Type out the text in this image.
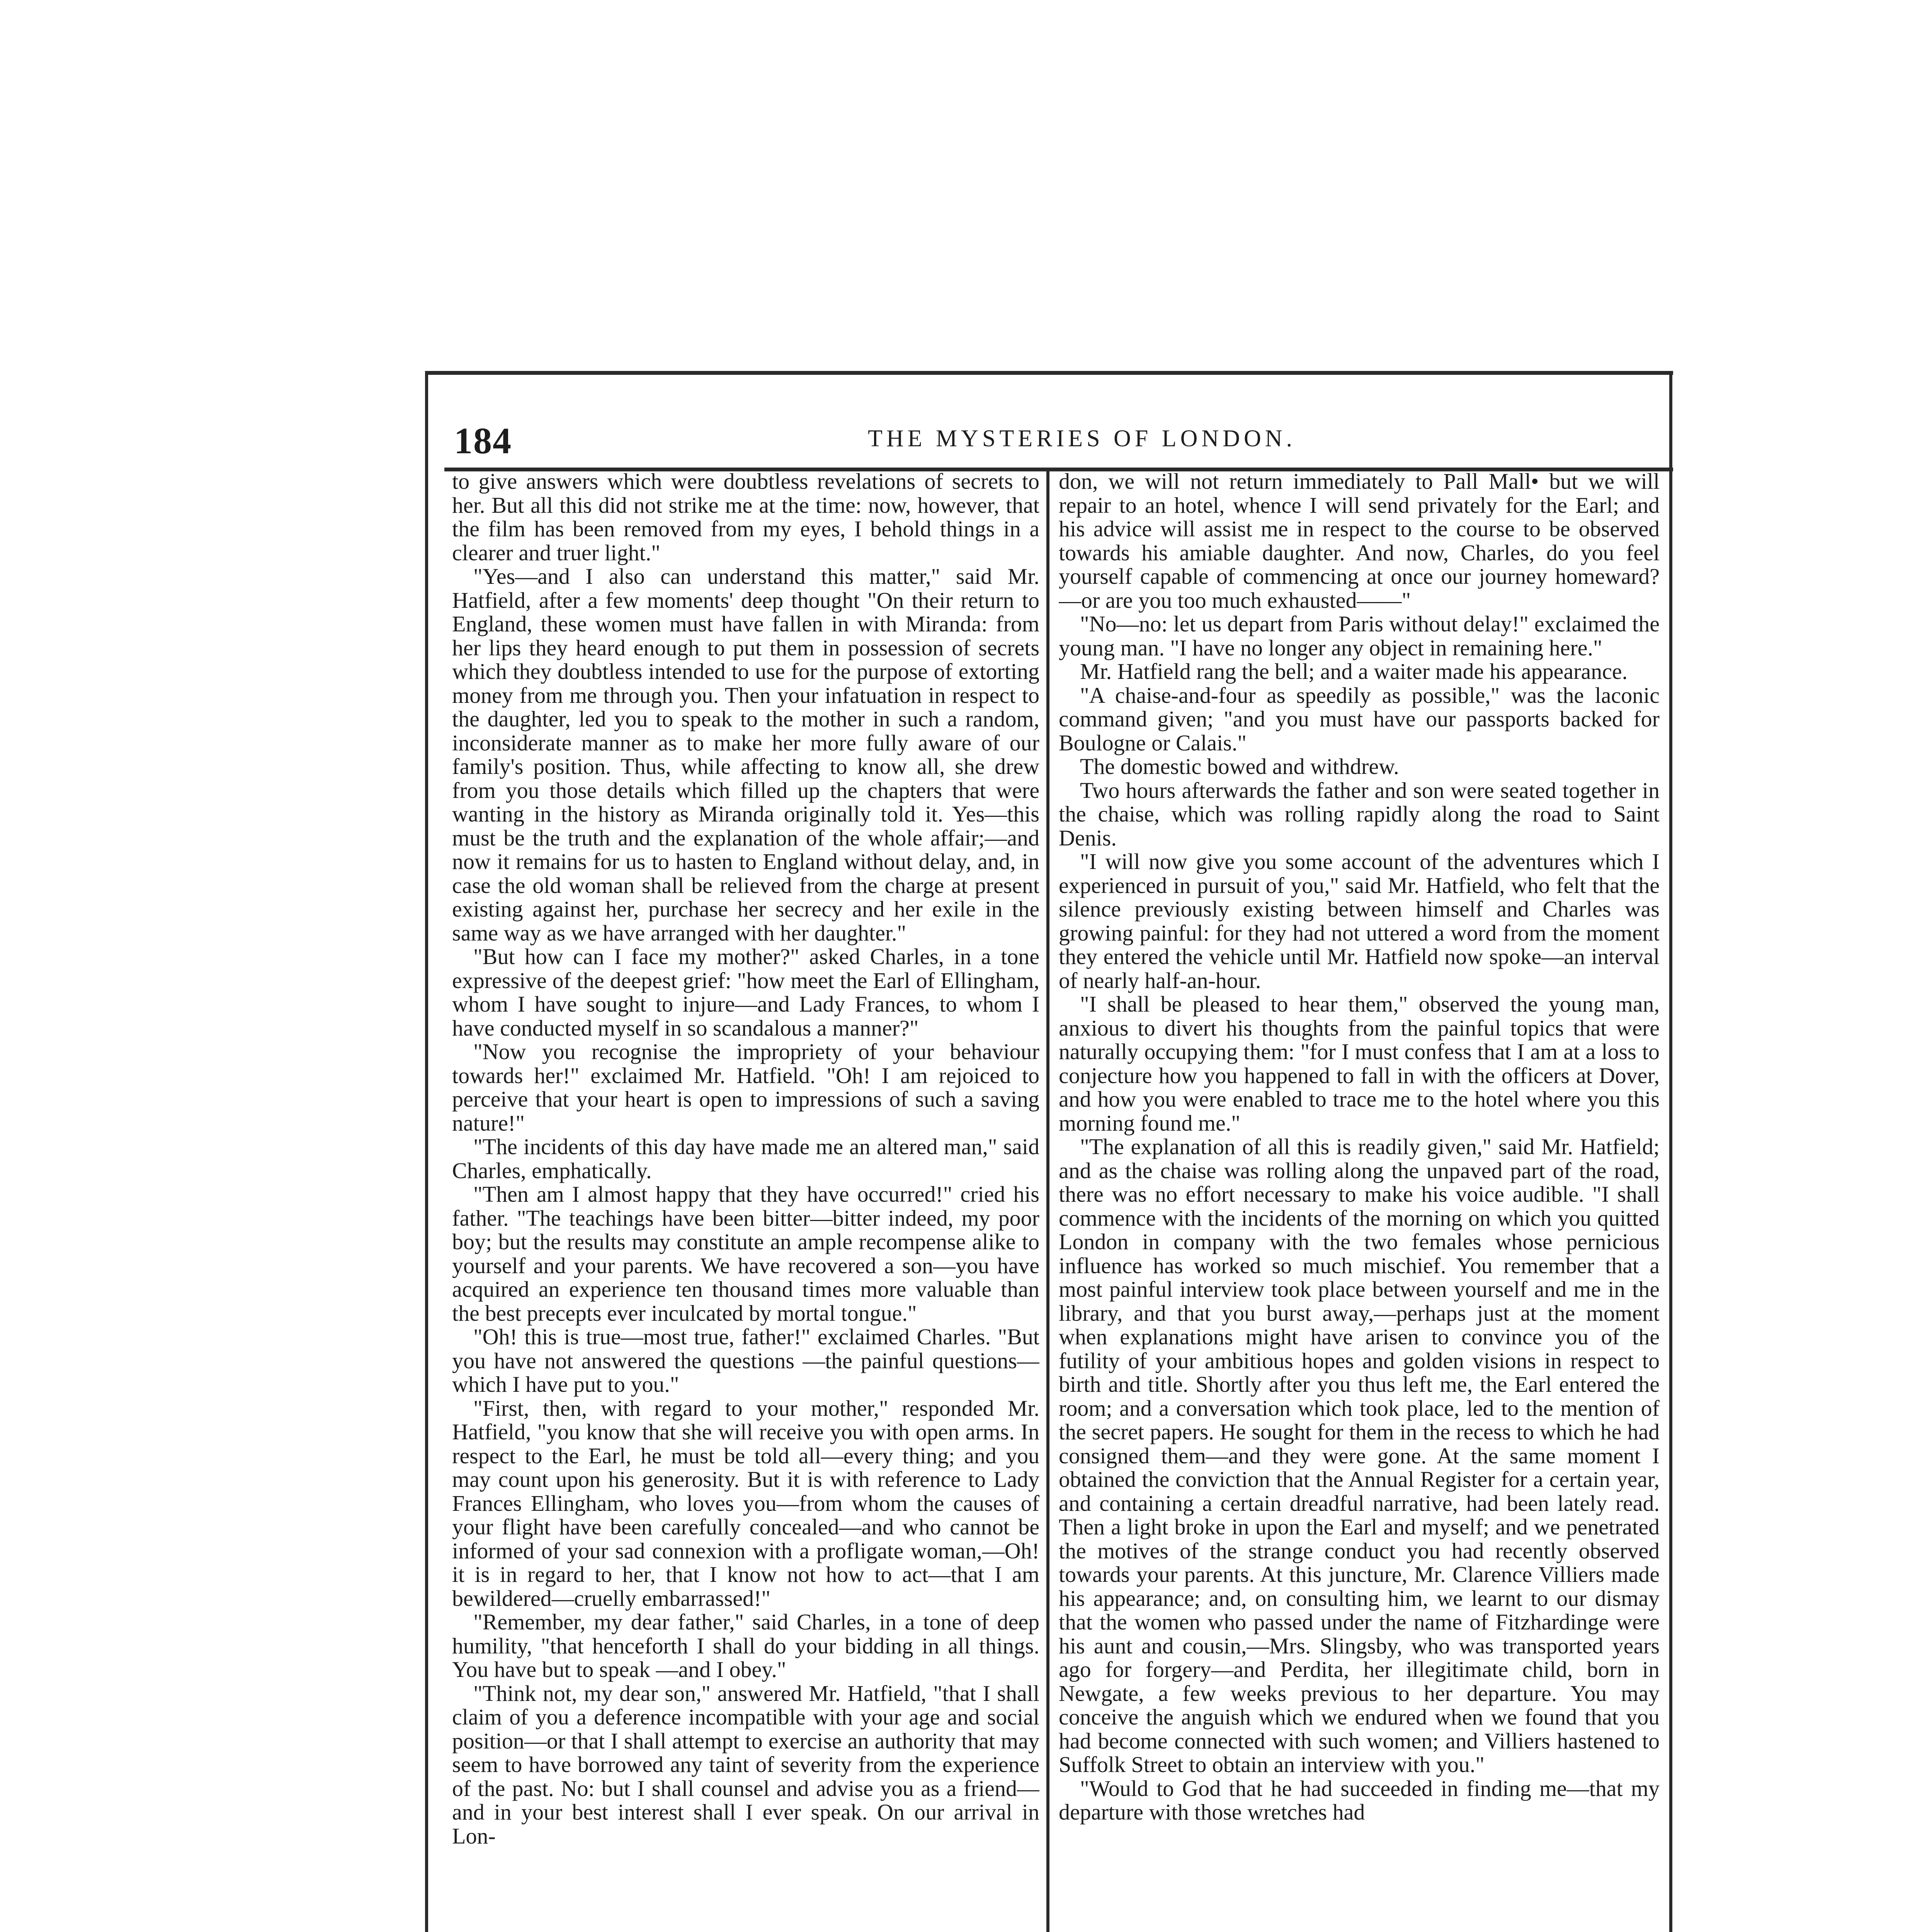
184	THE MYSTERIES OF LONDON.

to give answers which were doubtless revelations of secrets to her. But all this did not strike me at the time: now, however, that the film has been removed from my eyes, I behold things in a clearer and truer light."

"Yes—and I also can understand this matter," said Mr. Hatfield, after a few moments' deep thought "On their return to England, these women must have fallen in with Miranda: from her lips they heard enough to put them in possession of secrets which they doubtless intended to use for the purpose of extorting money from me through you. Then your infatuation in respect to the daughter, led you to speak to the mother in such a random, inconsiderate manner as to make her more fully aware of our family's position. Thus, while affecting to know all, she drew from you those details which filled up the chapters that were wanting in the history as Miranda originally told it. Yes—this must be the truth and the explanation of the whole affair;—and now it remains for us to hasten to England without delay, and, in case the old woman shall be relieved from the charge at present existing against her, purchase her secrecy and her exile in the same way as we have arranged with her daughter."

"But how can I face my mother?" asked Charles, in a tone expressive of the deepest grief: "how meet the Earl of Ellingham, whom I have sought to injure—and Lady Frances, to whom I have conducted myself in so scandalous a manner?"

"Now you recognise the impropriety of your behaviour towards her!" exclaimed Mr. Hatfield. "Oh! I am rejoiced to perceive that your heart is open to impressions of such a saving nature!"

"The incidents of this day have made me an altered man," said Charles, emphatically.

"Then am I almost happy that they have occurred!" cried his father. "The teachings have been bitter—bitter indeed, my poor boy; but the results may constitute an ample recompense alike to yourself and your parents. We have recovered a son—you have acquired an experience ten thousand times more valuable than the best precepts ever inculcated by mortal tongue."

"Oh! this is true—most true, father!" exclaimed Charles. "But you have not answered the questions —the painful questions—which I have put to you."

"First, then, with regard to your mother," responded Mr. Hatfield, "you know that she will receive you with open arms. In respect to the Earl, he must be told all—every thing; and you may count upon his generosity. But it is with reference to Lady Frances Ellingham, who loves you—from whom the causes of your flight have been carefully concealed—and who cannot be informed of your sad connexion with a profligate woman,—Oh! it is in regard to her, that I know not how to act—that I am bewildered—cruelly embarrassed!"

"Remember, my dear father," said Charles, in a tone of deep humility, "that henceforth I shall do your bidding in all things. You have but to speak —and I obey."

"Think not, my dear son," answered Mr. Hatfield, "that I shall claim of you a deference incompatible with your age and social position—or that I shall attempt to exercise an authority that may seem to have borrowed any taint of severity from the experience of the past. No: but I shall counsel and advise you as a friend—and in your best interest shall I ever speak. On our arrival in Lon-

don, we will not return immediately to Pall Mall• but we will repair to an hotel, whence I will send privately for the Earl; and his advice will assist me in respect to the course to be observed towards his amiable daughter. And now, Charles, do you feel yourself capable of commencing at once our journey homeward?—or are you too much exhausted——"

"No—no: let us depart from Paris without delay!" exclaimed the young man. "I have no longer any object in remaining here."

Mr. Hatfield rang the bell; and a waiter made his appearance.

"A chaise-and-four as speedily as possible," was the laconic command given; "and you must have our passports backed for Boulogne or Calais."

The domestic bowed and withdrew.

Two hours afterwards the father and son were seated together in the chaise, which was rolling rapidly along the road to Saint Denis.

"I will now give you some account of the adventures which I experienced in pursuit of you," said Mr. Hatfield, who felt that the silence previously existing between himself and Charles was growing painful: for they had not uttered a word from the moment they entered the vehicle until Mr. Hatfield now spoke—an interval of nearly half-an-hour.

"I shall be pleased to hear them," observed the young man, anxious to divert his thoughts from the painful topics that were naturally occupying them: "for I must confess that I am at a loss to conjecture how you happened to fall in with the officers at Dover, and how you were enabled to trace me to the hotel where you this morning found me."

"The explanation of all this is readily given," said Mr. Hatfield; and as the chaise was rolling along the unpaved part of the road, there was no effort necessary to make his voice audible. "I shall commence with the incidents of the morning on which you quitted London in company with the two females whose pernicious influence has worked so much mischief. You remember that a most painful interview took place between yourself and me in the library, and that you burst away,—perhaps just at the moment when explanations might have arisen to convince you of the futility of your ambitious hopes and golden visions in respect to birth and title. Shortly after you thus left me, the Earl entered the room; and a conversation which took place, led to the mention of the secret papers. He sought for them in the recess to which he had consigned them—and they were gone. At the same moment I obtained the conviction that the Annual Register for a certain year, and containing a certain dreadful narrative, had been lately read. Then a light broke in upon the Earl and myself; and we penetrated the motives of the strange conduct you had recently observed towards your parents. At this juncture, Mr. Clarence Villiers made his appearance; and, on consulting him, we learnt to our dismay that the women who passed under the name of Fitzhardinge were his aunt and cousin,—Mrs. Slingsby, who was transported years ago for forgery—and Perdita, her illegitimate child, born in Newgate, a few weeks previous to her departure. You may conceive the anguish which we endured when we found that you had become connected with such women; and Villiers hastened to Suffolk Street to obtain an interview with you."

"Would to God that he had succeeded in finding me—that my departure with those wretches had
